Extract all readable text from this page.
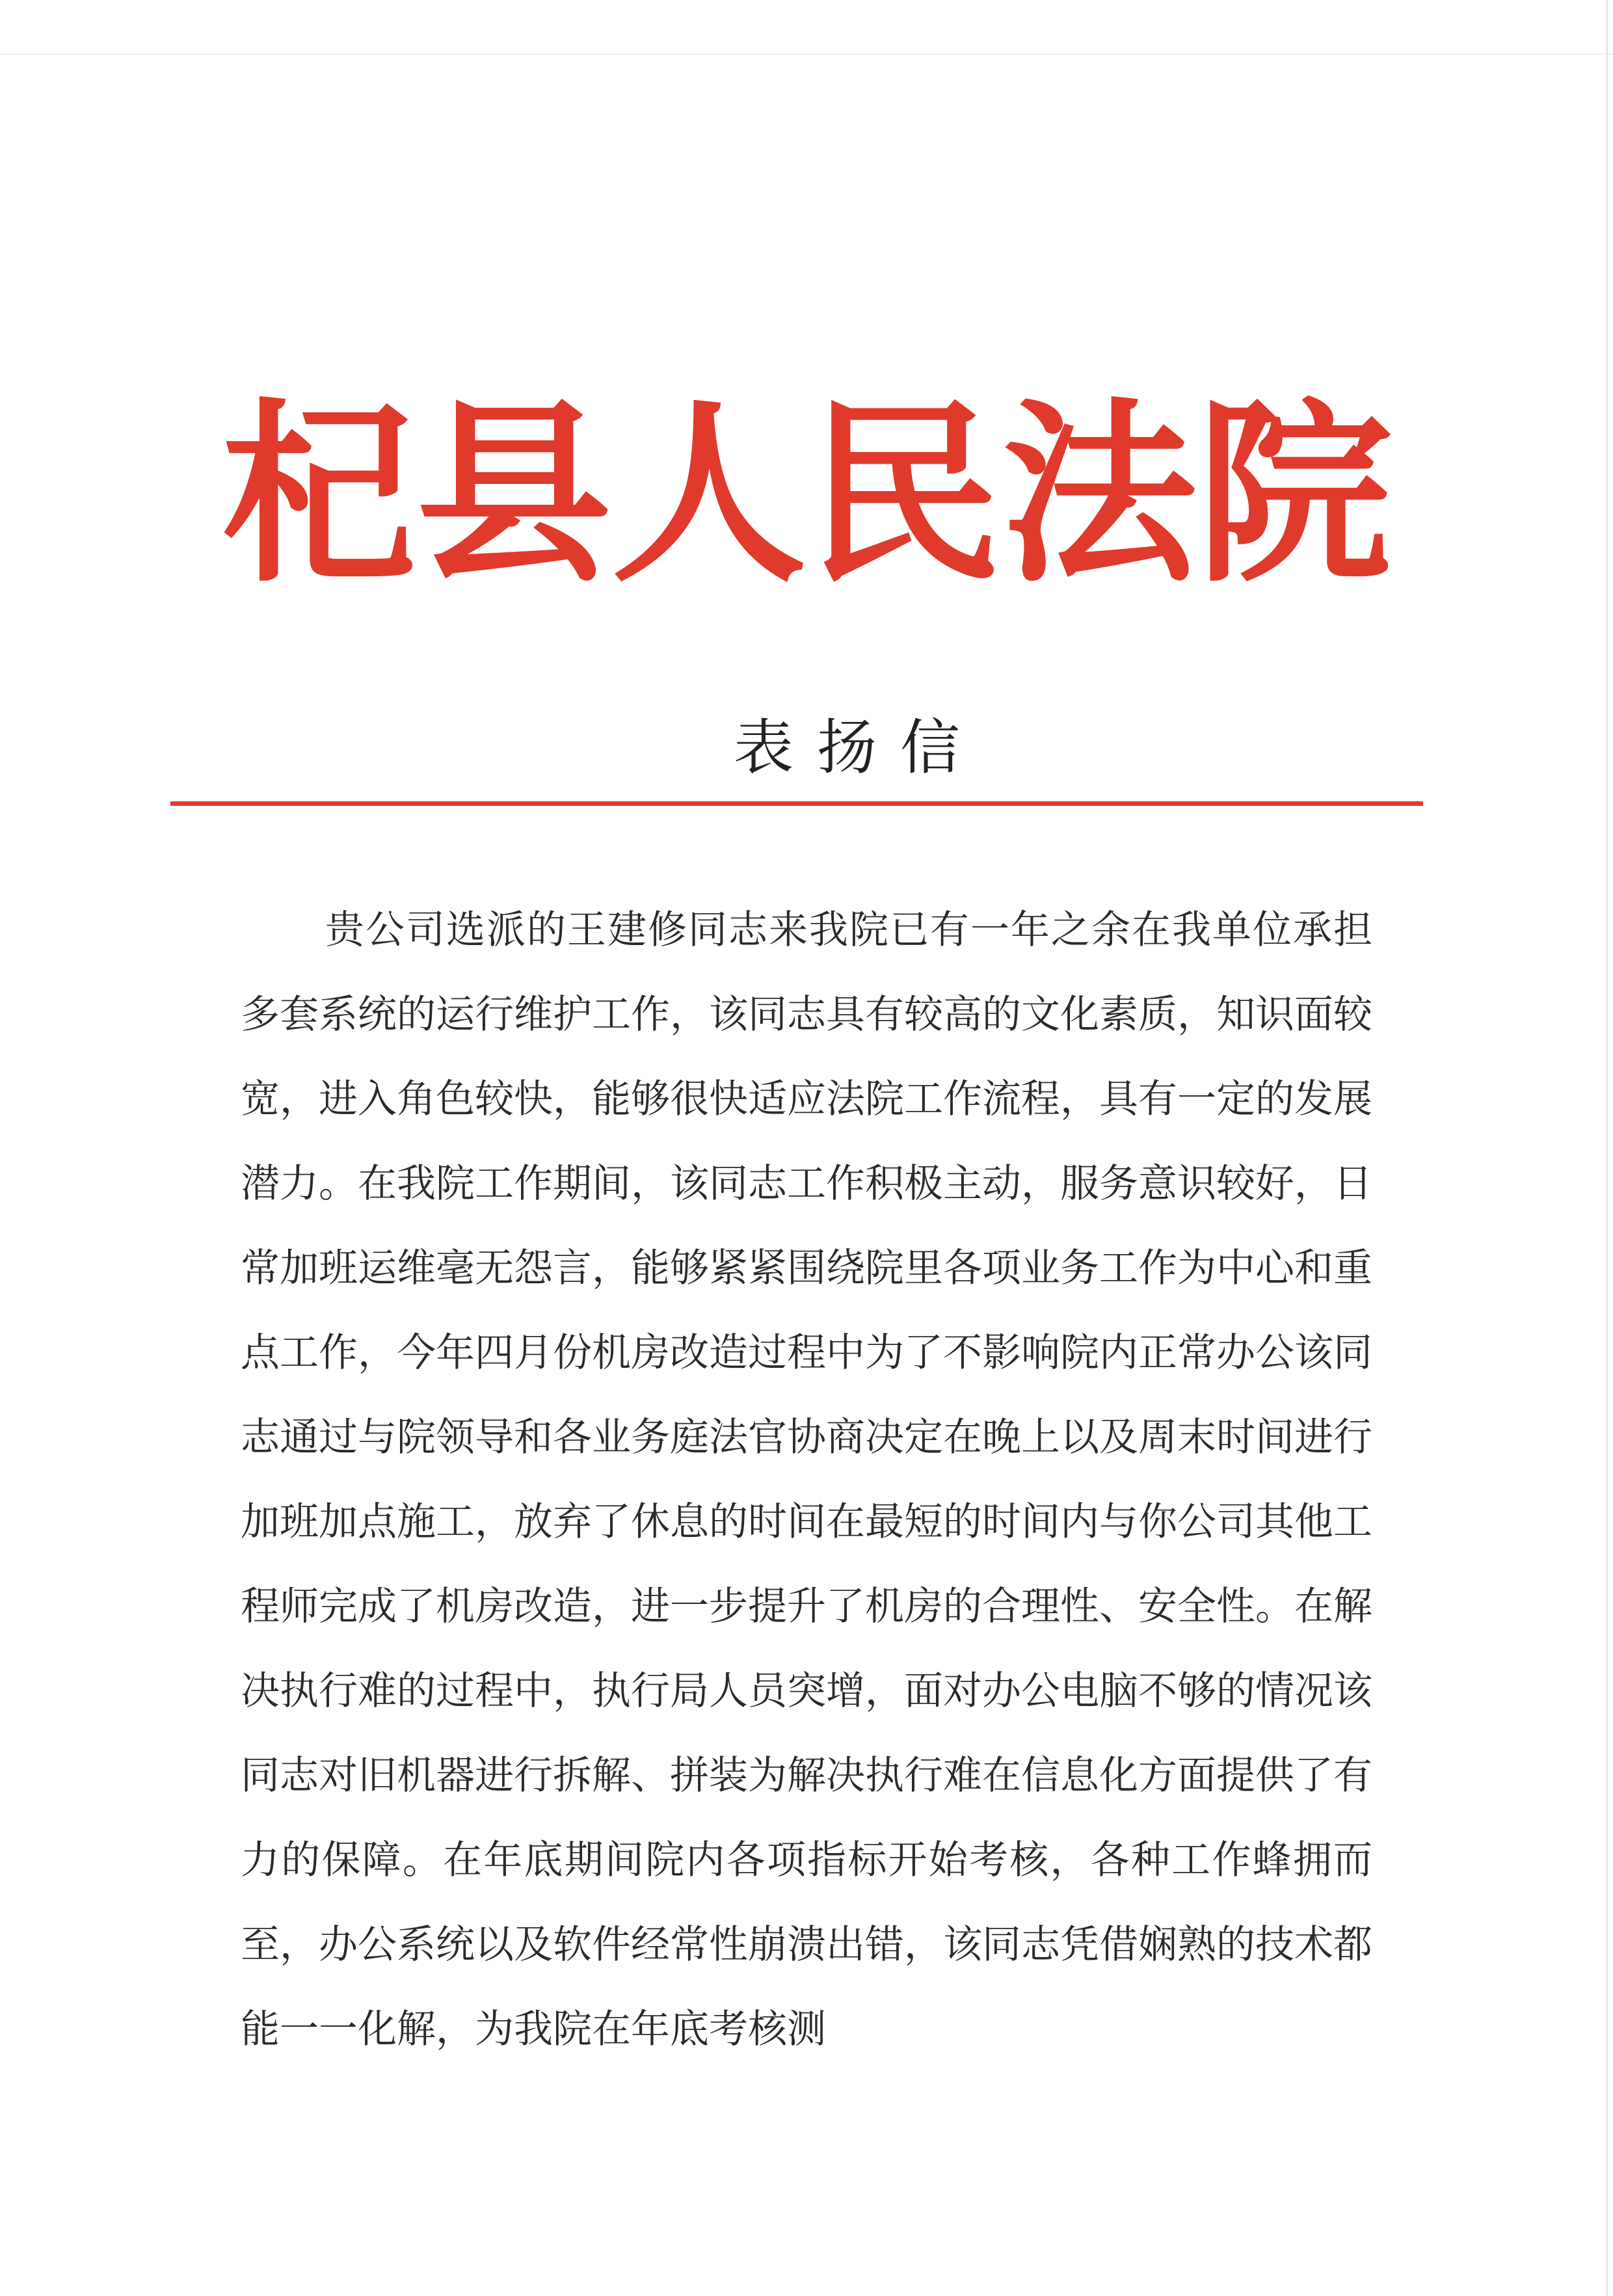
杞县人民法院
表扬信

贵公司选派的王建修同志来我院已有一年之余在我单位承担多套系统的运行维护工作，该同志具有较高的文化素质，知识面较宽，进入角色较快，能够很快适应法院工作流程，具有一定的发展潜力。在我院工作期间，该同志工作积极主动，服务意识较好，日常加班运维毫无怨言，能够紧紧围绕院里各项业务工作为中心和重点工作，今年四月份机房改造过程中为了不影响院内正常办公该同志通过与院领导和各业务庭法官协商决定在晚上以及周末时间进行加班加点施工，放弃了休息的时间在最短的时间内与你公司其他工程师完成了机房改造，进一步提升了机房的合理性、安全性。在解决执行难的过程中，执行局人员突增，面对办公电脑不够的情况该同志对旧机器进行拆解、拼装为解决执行难在信息化方面提供了有力的保障。在年底期间院内各项指标开始考核，各种工作蜂拥而至，办公系统以及软件经常性崩溃出错，该同志凭借娴熟的技术都能一一化解，为我院在年底考核测
